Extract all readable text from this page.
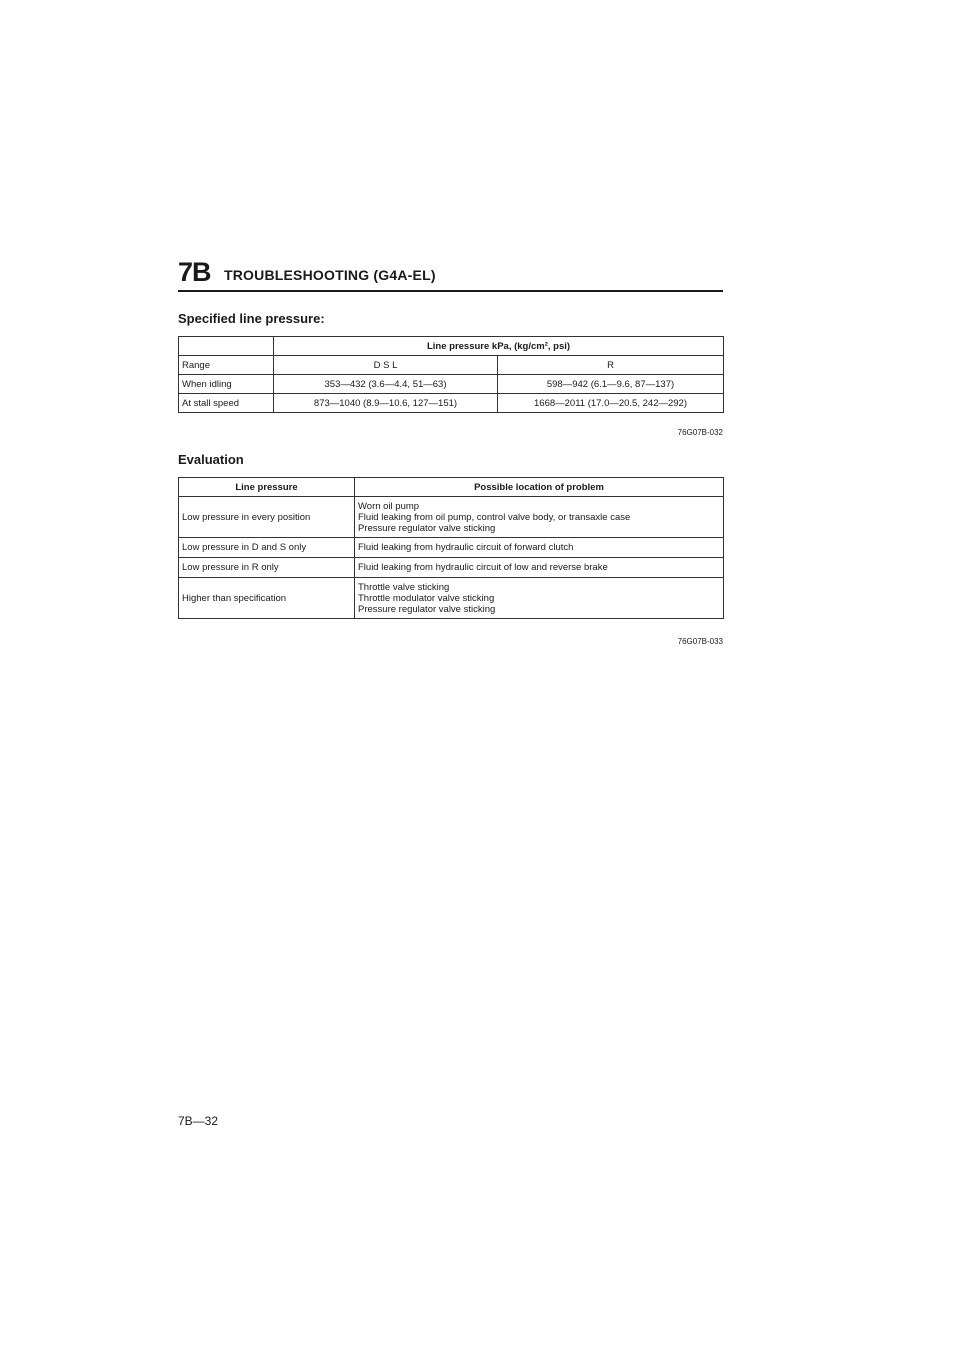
7B TROUBLESHOOTING (G4A-EL)
Specified line pressure:
	Line pressure kPa, (kg/cm², psi)	
Range	D S L	R
When idling	353—432 (3.6—4.4, 51—63)	598—942 (6.1—9.6, 87—137)
At stall speed	873—1040 (8.9—10.6, 127—151)	1668—2011 (17.0—20.5, 242—292)
76G07B-032
Evaluation
Line pressure	Possible location of problem
Low pressure in every position	Worn oil pump
Fluid leaking from oil pump, control valve body, or transaxle case
Pressure regulator valve sticking

Low pressure in D and S only	Fluid leaking from hydraulic circuit of forward clutch
Low pressure in R only	Fluid leaking from hydraulic circuit of low and reverse brake
Higher than specification	Throttle valve sticking
Throttle modulator valve sticking
Pressure regulator valve sticking
76G07B-033
7B—32
